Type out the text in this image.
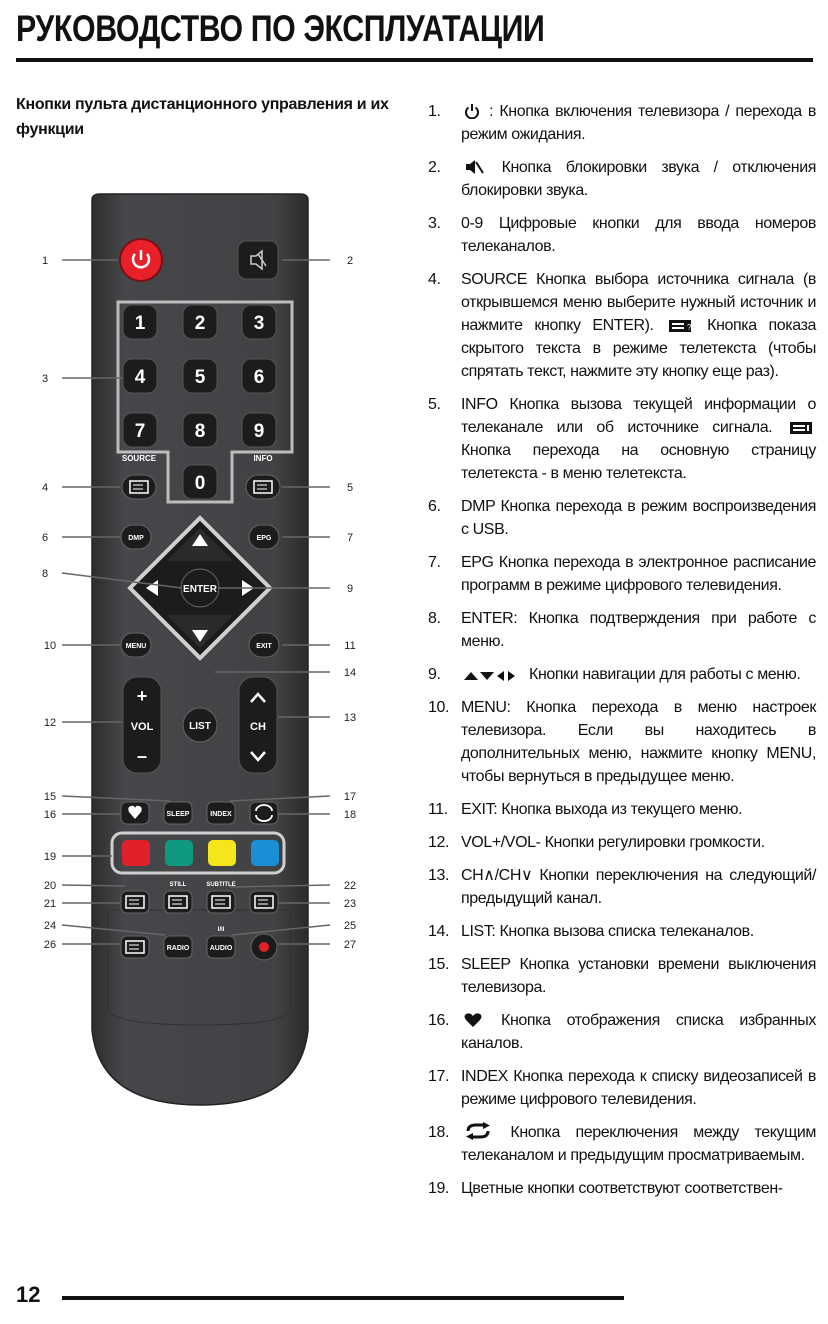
РУКОВОДСТВО ПО ЭКСПЛУАТАЦИИ
Кнопки пульта дистанционного управления и их функции
1	2	3
4	5	6
7	8	9
0
SOURCE	INFO
DMP	EPG
MENU	EXIT
ENTER
+
VOL
–
CH
LIST
SLEEP	INDEX
STILL	SUBTITLE
RADIO	AUDIO
I/II
1	2
3
4	5
6	7
8
9
10	11
12	13
14
15
16
17
18
19
20
21
22
23
24	25
26	27
1.	: Кнопка включения телевизора / перехода в режим ожидания.
2.	Кнопка блокировки звука / отключения блокировки звука.
3.	0-9 Цифровые кнопки для ввода номеров телеканалов.
4.	SOURCE Кнопка выбора источника сигнала (в открывшемся меню выберите нужный источник и нажмите кнопку ENTER).	? Кнопка показа скрытого текста в режиме телетекста (чтобы спрятать текст, нажмите эту кнопку еще раз).
5.	INFO Кнопка вызова текущей информации о телеканале или об источнике сигнала.  Кнопка перехода на основную страницу телетекста - в меню телетекста.
6.	DMP Кнопка перехода в режим воспроизведения с USB.
7.	EPG Кнопка перехода в электронное расписание программ в режиме цифрового телевидения.
8.	ENTER: Кнопка подтверждения при работе с меню.
9.	Кнопки навигации для работы с меню.
10. MENU: Кнопка перехода в меню настроек телевизора. Если вы находитесь в дополнительных меню, нажмите кнопку MENU, чтобы вернуться в предыдущее меню.
11. EXIT: Кнопка выхода из текущего меню.
12. VOL+/VOL- Кнопки регулировки громкости.
13. CH∧/CH∨ Кнопки переключения на следующий/предыдущий канал.
14. LIST: Кнопка вызова списка телеканалов.
15. SLEEP Кнопка установки времени выключения телевизора.
16.	Кнопка отображения списка избранных каналов.
17. INDEX Кнопка перехода к списку видеозаписей в режиме цифрового телевидения.
18.	Кнопка переключения между текущим телеканалом и предыдущим просматриваемым.
19. Цветные кнопки соответствуют соответствен-
12
